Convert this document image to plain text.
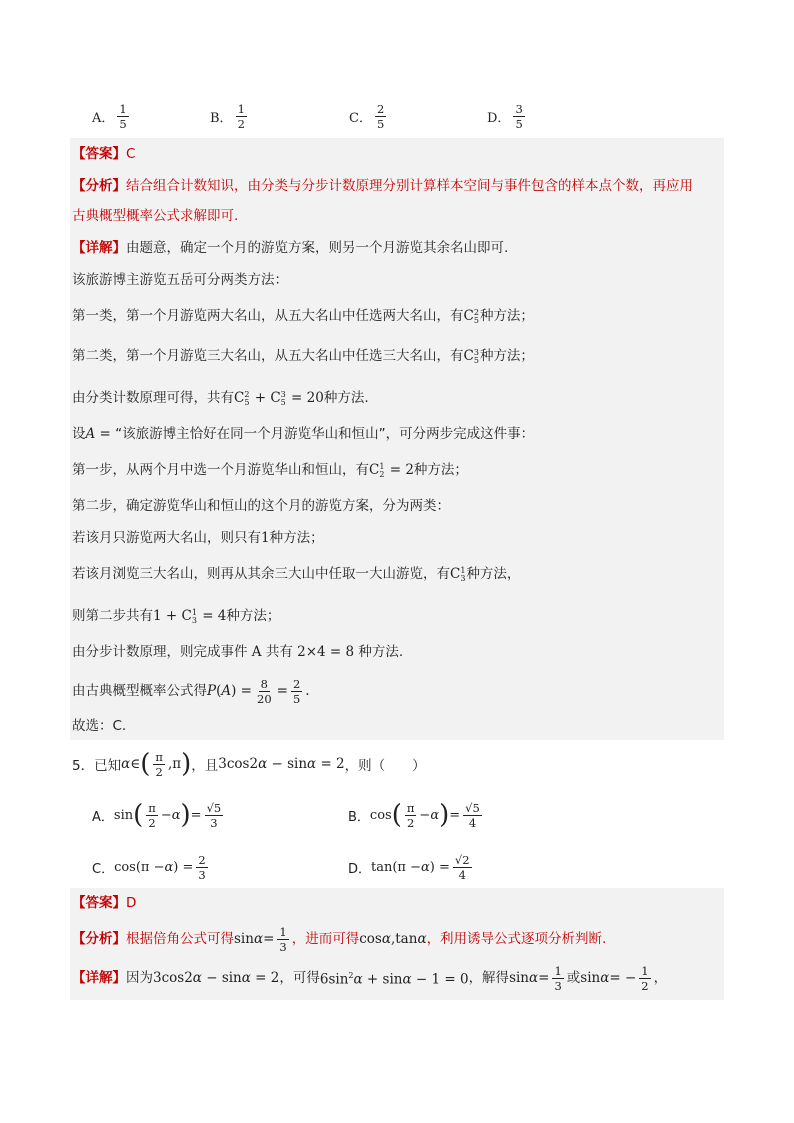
A． $\frac{1}{5}$	B． $\frac{1}{2}$	C． $\frac{2}{5}$	D． $\frac{3}{5}$
【答案】C
【分析】结合组合计数知识，由分类与分步计数原理分别计算样本空间与事件包含的样本点个数，再应用
古典概型概率公式求解即可.
【详解】由题意，确定一个月的游览方案，则另一个月游览其余名山即可.
该旅游博主游览五岳可分两类方法：
第一类，第一个月游览两大名山，从五大名山中任选两大名山，有C 2
5 种方法；
第二类，第一个月游览三大名山，从五大名山中任选三大名山，有C 3
5 种方法；
由分类计数原理可得，共有C 2
5 + C 3
5 = 20种方法.
设A = “该旅游博主恰好在同一个月游览华山和恒山”，可分两步完成这件事：
第一步，从两个月中选一个月游览华山和恒山，有C 1
2 = 2种方法；
第二步，确定游览华山和恒山的这个月的游览方案，分为两类：
若该月只游览两大名山，则只有1种方法；
若该月浏览三大名山，则再从其余三大山中任取一大山游览，有C 1
3 种方法，
则第二步共有1 + C 1
3 = 4种方法；
由分步计数原理，则完成事件 A 共有 2×4 = 8 种方法.
由古典概型概率公式得 P ( A ) = $\frac{8}{20} = \frac{2}{5}$ .
故选：C.
5．已知 α ∈ ( $\frac{\pi}{2} ,\pi$ ) ，且 3cos2α − sinα = 2 ，则（　　）
A． sin ( $\frac{\pi}{2} - \alpha$ ) = $\frac{√5}{3}$	B． cos ( $\frac{\pi}{2} - \alpha$ ) = $\frac{√5}{4}$
C． cos(π − α ) = $\frac{2}{3}$	D． tan(π − α ) = $\frac{√2}{4}$
【答案】D
【分析】 根据倍角公式可得 $\sin \alpha = \frac{1}{3}$ ，进而可得 cosα,tanα ，利用诱导公式逐项分析判断.
【详解】 因为 3cos2α − sinα = 2 ，可得 $6\sin^2\alpha + \sin\alpha - 1 = 0$ ，解得 $\sin \alpha = \frac{1}{3}$ 或 sin α = − $\frac{1}{2}$ ，
